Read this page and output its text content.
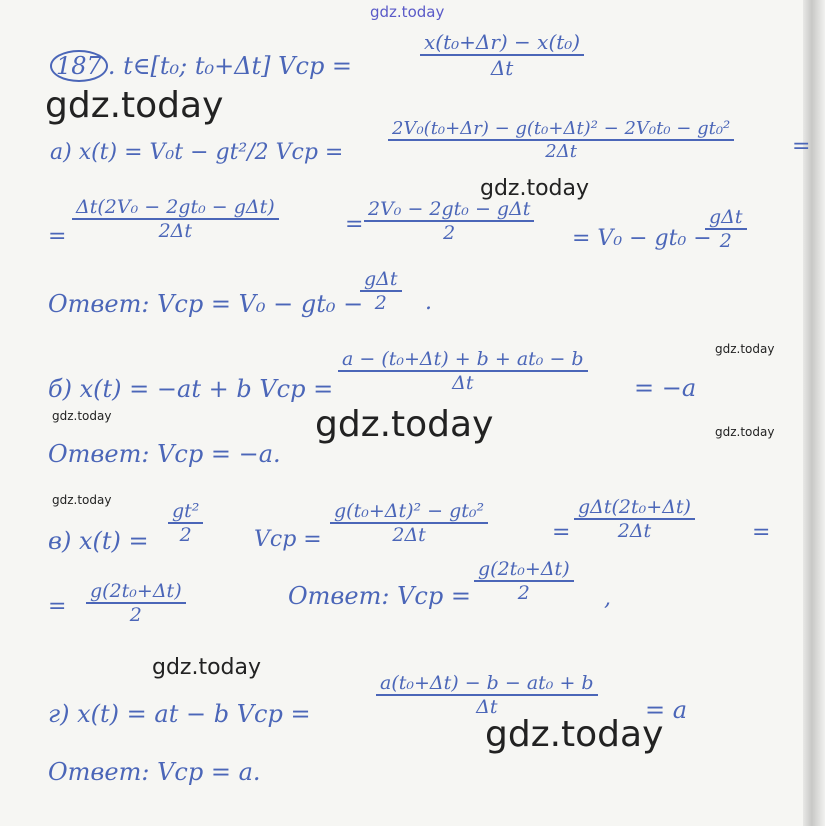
gdz.today
gdz.today
gdz.today
gdz.today
gdz.today	gdz.today	gdz.today
gdz.today
gdz.today
gdz.today
187 . t∈[t₀; t₀+Δt] Vcp =	$\frac{\text{x(t₀+Δr) − x(t₀)}}{\Delta t}$
a) x(t) = V₀t − gt²/2 Vcp = $\frac{\text{2V₀(t₀+Δr) − g(t₀+Δt)² − 2V₀t₀ − gt₀²}}{2\Delta t}$	=
=
Δt(2V₀ − 2gt₀ − gΔt)
2Δt	=
2V₀ − 2gt₀ − gΔt
2	= V₀ − gt₀ −
gΔt
2
Ответ: Vcp = V₀ − gt₀ −
gΔt
2	.
б) x(t) = −at + b Vcp = $\frac{\text{a − (t₀+Δt) + b + at₀ − b}}{\Delta t} = -a$
Ответ: Vcp = −a.
в) $x(t) = \frac{\text{gt²}}{2}$ Vcp = $\frac{\text{g(t₀+Δt)² − gt₀²}}{2\Delta t}$	=
gΔt(2t₀+Δt)
2Δt	=
= $\frac{\text{g(2t₀+Δt)}}{2}$	Ответ: Vcp = $\frac{\text{g(2t₀+Δt)}}{2}$ ,
г) x(t) = at − b Vcp =	$\frac{\text{a(t₀+Δt) − b − at₀ + b}}{\Delta t} = a$
Ответ: Vcp = a.
